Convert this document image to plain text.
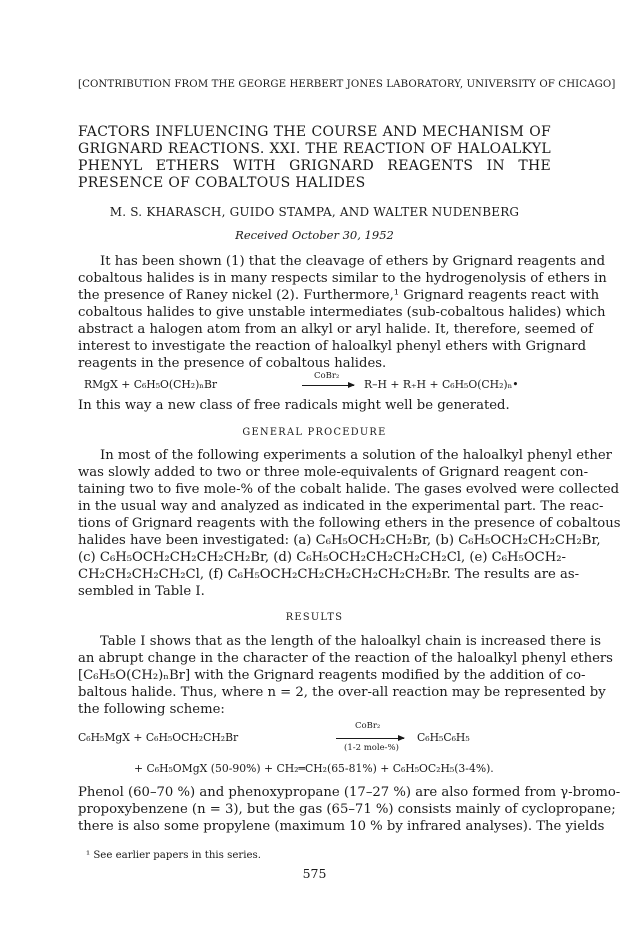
[CONTRIBUTION FROM THE GEORGE HERBERT JONES LABORATORY, UNIVERSITY OF CHICAGO]
FACTORS INFLUENCING THE COURSE AND MECHANISM OF
GRIGNARD REACTIONS. XXI. THE REACTION OF HALOALKYL
PHENYL ETHERS WITH GRIGNARD REAGENTS IN THE
PRESENCE OF COBALTOUS HALIDES
M. S. KHARASCH, GUIDO STAMPA, AND WALTER NUDENBERG
Received October 30, 1952
It has been shown (1) that the cleavage of ethers by Grignard reagents and
cobaltous halides is in many respects similar to the hydrogenolysis of ethers in
the presence of Raney nickel (2). Furthermore,¹ Grignard reagents react with
cobaltous halides to give unstable intermediates (sub-cobaltous halides) which
abstract a halogen atom from an alkyl or aryl halide. It, therefore, seemed of
interest to investigate the reaction of haloalkyl phenyl ethers with Grignard
reagents in the presence of cobaltous halides.
RMgX + C₆H₅O(CH₂)ₙBr
CoBr₂
→ R–H + R₊H + C₆H₅O(CH₂)ₙ•
In this way a new class of free radicals might well be generated.
GENERAL PROCEDURE
In most of the following experiments a solution of the haloalkyl phenyl ether
was slowly added to two or three mole-equivalents of Grignard reagent con-
taining two to five mole-% of the cobalt halide. The gases evolved were collected
in the usual way and analyzed as indicated in the experimental part. The reac-
tions of Grignard reagents with the following ethers in the presence of cobaltous
halides have been investigated: (a) C₆H₅OCH₂CH₂Br, (b) C₆H₅OCH₂CH₂CH₂Br,
(c) C₆H₅OCH₂CH₂CH₂CH₂Br, (d) C₆H₅OCH₂CH₂CH₂CH₂Cl, (e) C₆H₅OCH₂-
CH₂CH₂CH₂CH₂Cl, (f) C₆H₅OCH₂CH₂CH₂CH₂CH₂CH₂Br. The results are as-
sembled in Table I.
RESULTS
Table I shows that as the length of the haloalkyl chain is increased there is
an abrupt change in the character of the reaction of the haloalkyl phenyl ethers
[C₆H₅O(CH₂)ₙBr] with the Grignard reagents modified by the addition of co-
baltous halide. Thus, where n = 2, the over-all reaction may be represented by
the following scheme:
C₆H₅MgX + C₆H₅OCH₂CH₂Br
CoBr₂
(1-2 mole-%)
C₆H₅C₆H₅
+ C₆H₅OMgX (50-90%) + CH₂═CH₂(65-81%) + C₆H₅OC₂H₅(3-4%).
Phenol (60–70 %) and phenoxypropane (17–27 %) are also formed from γ-bromo-
propoxybenzene (n = 3), but the gas (65–71 %) consists mainly of cyclopropane;
there is also some propylene (maximum 10 % by infrared analyses). The yields
¹ See earlier papers in this series.
575
